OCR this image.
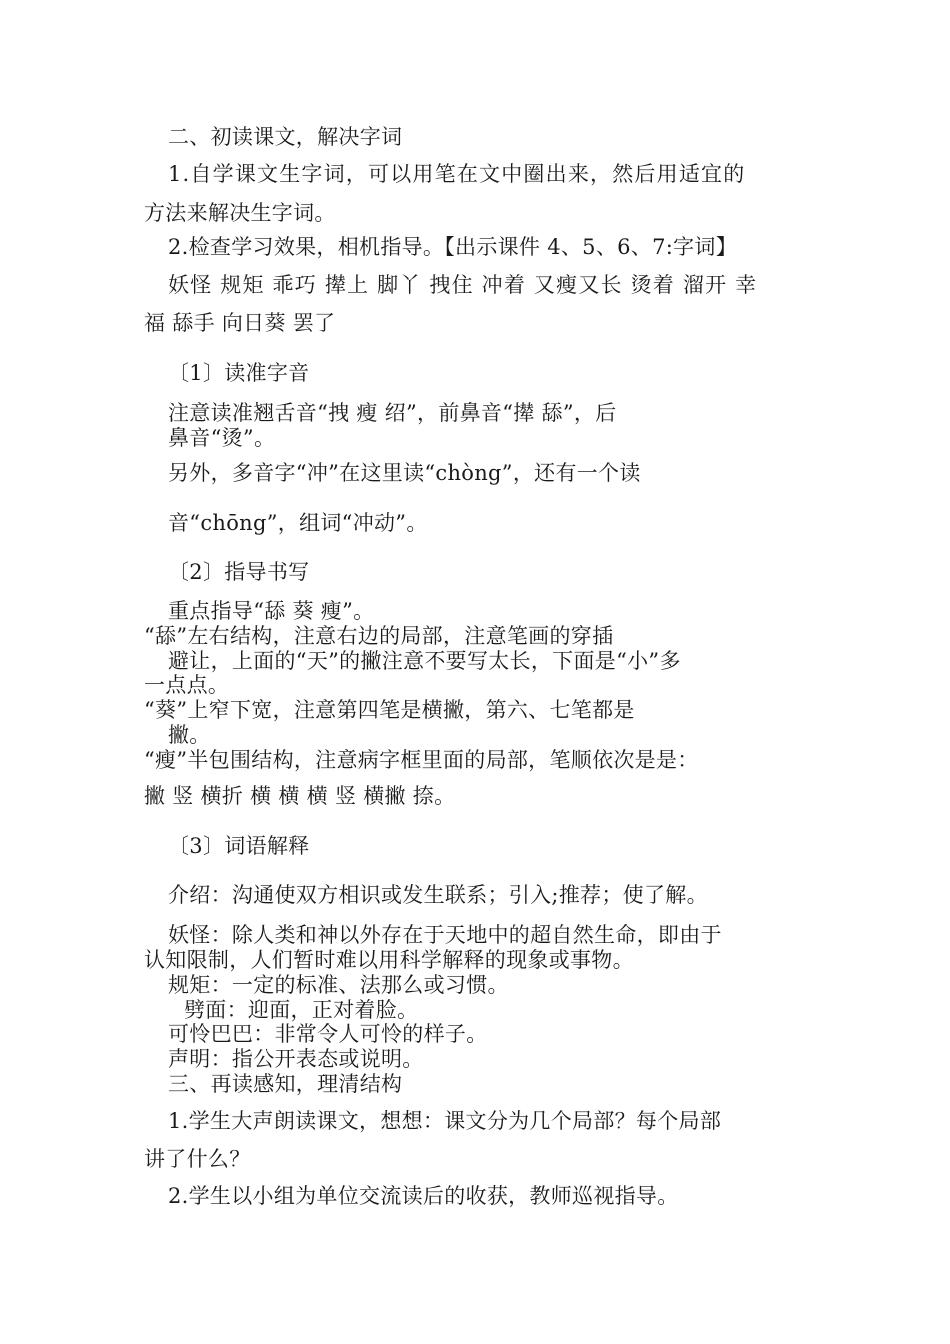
二、初读课文，解决字词
1.自学课文生字词，可以用笔在文中圈出来，然后用适宜的
方法来解决生字词。
2.检查学习效果，相机指导。【出示课件 4、5、6、7:字词】
妖怪 规矩 乖巧 撵上 脚丫 拽住 冲着 又瘦又长 烫着 溜开 幸
福 舔手 向日葵 罢了
〔1〕读准字音
注意读准翘舌音“拽 瘦 绍”，前鼻音“撵 舔”，后
鼻音“烫”。
另外，多音字“冲”在这里读“chòng”，还有一个读
音“chōng”，组词“冲动”。
〔2〕指导书写
重点指导“舔 葵 瘦”。
“舔”左右结构，注意右边的局部，注意笔画的穿插
避让，上面的“天”的撇注意不要写太长，下面是“小”多
一点点。
“葵”上窄下宽，注意第四笔是横撇，第六、七笔都是
撇。
“瘦”半包围结构，注意病字框里面的局部，笔顺依次是是：
撇 竖 横折 横 横 横 竖 横撇 捺。
〔3〕词语解释
介绍：沟通使双方相识或发生联系；引入;推荐；使了解。
妖怪：除人类和神以外存在于天地中的超自然生命，即由于
认知限制，人们暂时难以用科学解释的现象或事物。
规矩：一定的标准、法那么或习惯。
劈面：迎面，正对着脸。
可怜巴巴：非常令人可怜的样子。
声明：指公开表态或说明。
三、再读感知，理清结构
1.学生大声朗读课文，想想：课文分为几个局部？每个局部
讲了什么？
2.学生以小组为单位交流读后的收获，教师巡视指导。
